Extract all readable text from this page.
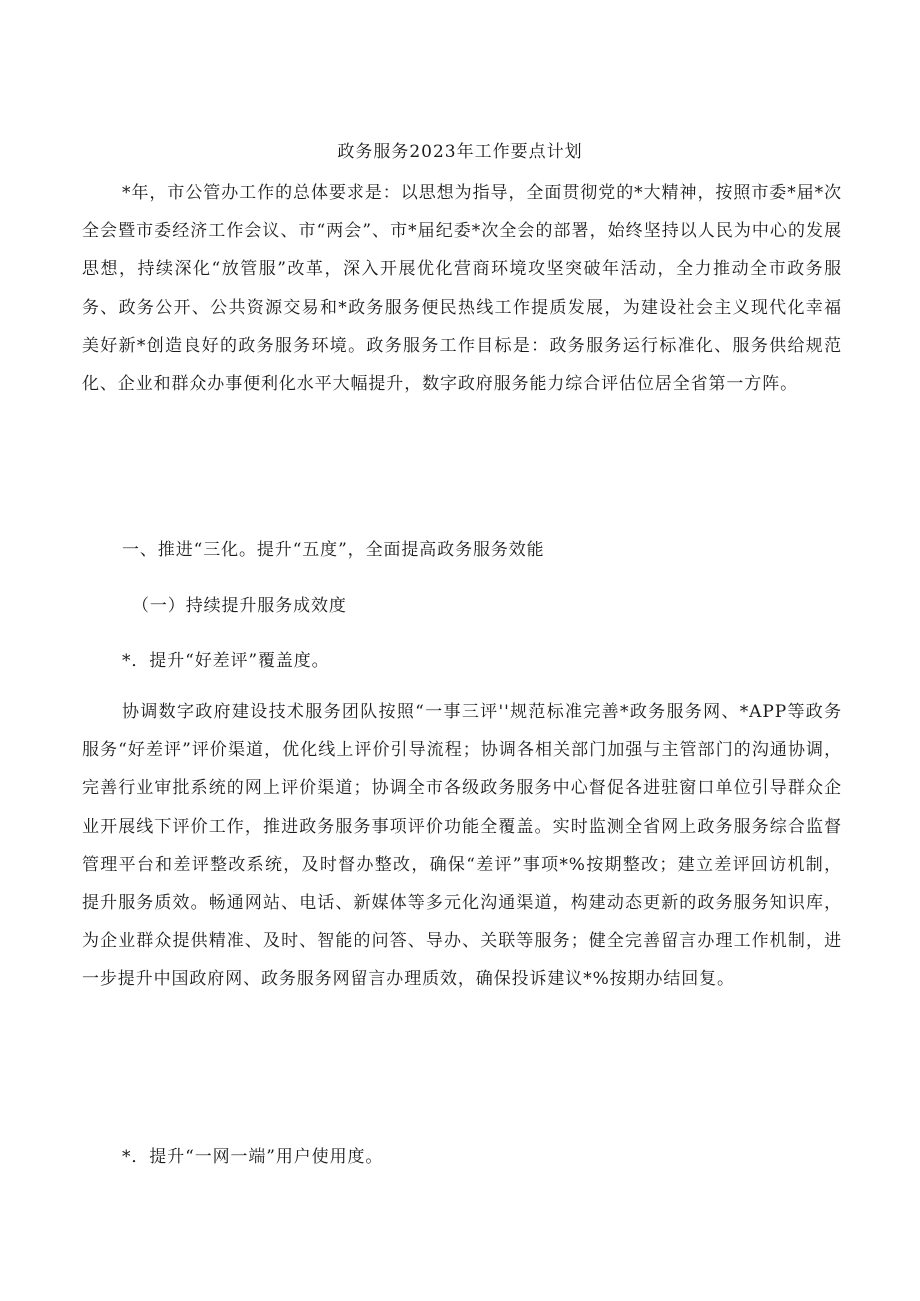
政务服务2023年工作要点计划

*年，市公管办工作的总体要求是：以思想为指导，全面贯彻党的*大精神，按照市委*届*次全会暨市委经济工作会议、市“两会”、市*届纪委*次全会的部署，始终坚持以人民为中心的发展思想，持续深化“放管服”改革，深入开展优化营商环境攻坚突破年活动，全力推动全市政务服务、政务公开、公共资源交易和*政务服务便民热线工作提质发展，为建设社会主义现代化幸福美好新*创造良好的政务服务环境。政务服务工作目标是：政务服务运行标准化、服务供给规范化、企业和群众办事便利化水平大幅提升，数字政府服务能力综合评估位居全省第一方阵。

一、推进“三化。提升“五度”，全面提高政务服务效能

（一）持续提升服务成效度

*．提升“好差评”覆盖度。

协调数字政府建设技术服务团队按照“一事三评''规范标准完善*政务服务网、*APP等政务服务“好差评”评价渠道，优化线上评价引导流程；协调各相关部门加强与主管部门的沟通协调，完善行业审批系统的网上评价渠道；协调全市各级政务服务中心督促各进驻窗口单位引导群众企业开展线下评价工作，推进政务服务事项评价功能全覆盖。实时监测全省网上政务服务综合监督管理平台和差评整改系统，及时督办整改，确保“差评”事项*%按期整改；建立差评回访机制，提升服务质效。畅通网站、电话、新媒体等多元化沟通渠道，构建动态更新的政务服务知识库，为企业群众提供精准、及时、智能的问答、导办、关联等服务；健全完善留言办理工作机制，进一步提升中国政府网、政务服务网留言办理质效，确保投诉建议*%按期办结回复。

*．提升“一网一端”用户使用度。
